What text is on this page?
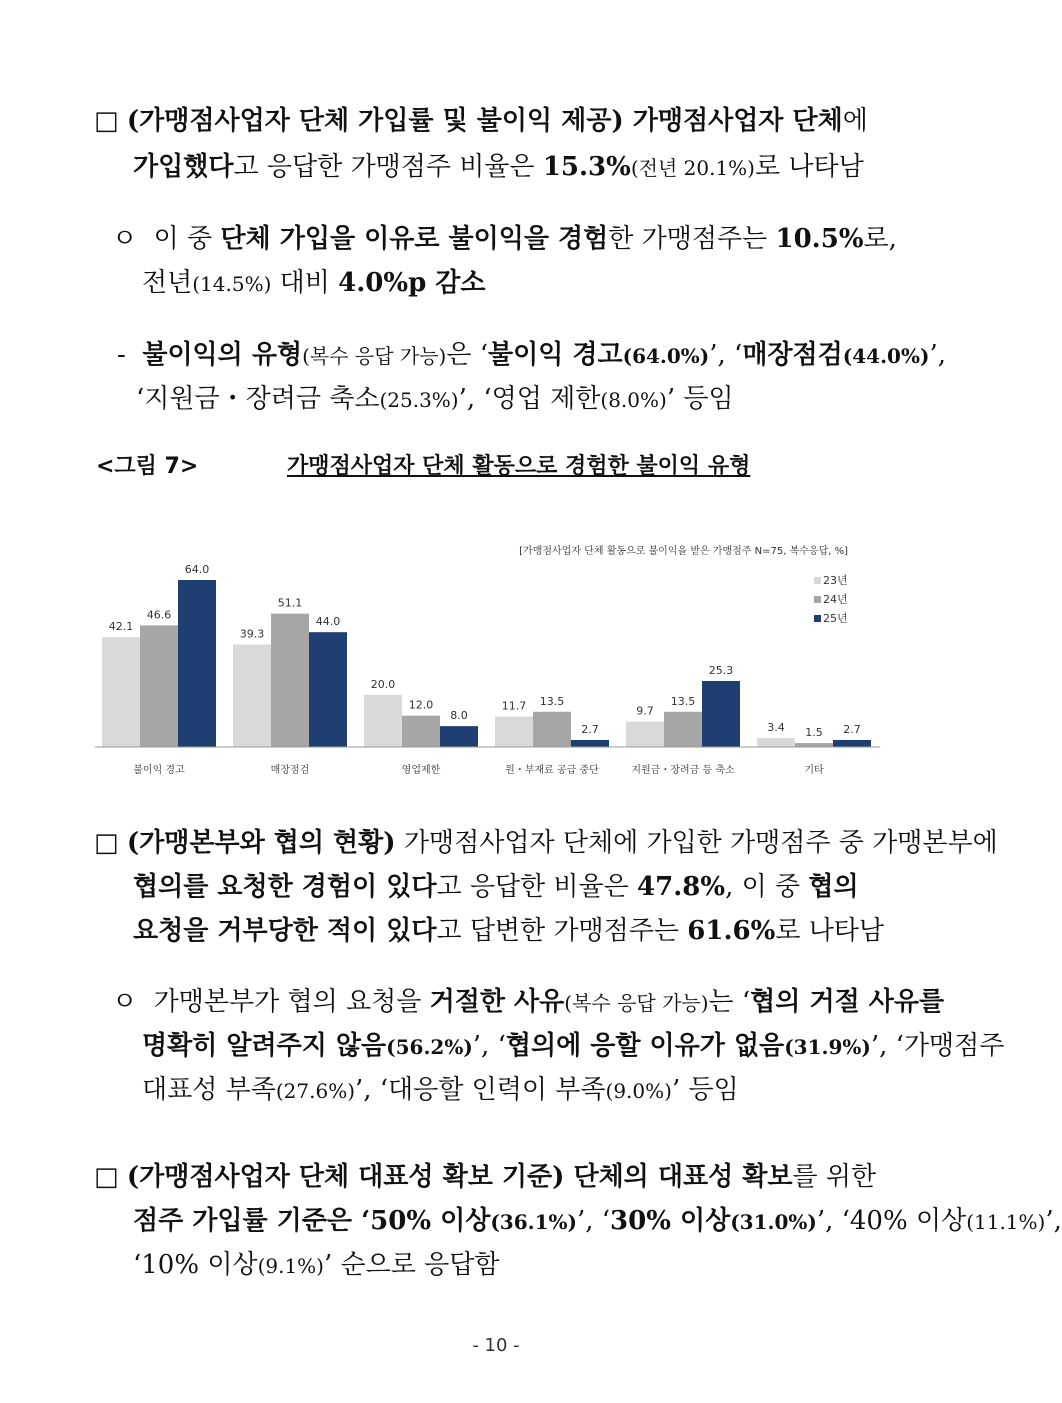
□ (가맹점사업자 단체 가입률 및 불이익 제공) 가맹점사업자 단체에
가입했다고 응답한 가맹점주 비율은 15.3%(전년 20.1%)로 나타남
ㅇ 이 중 단체 가입을 이유로 불이익을 경험한 가맹점주는 10.5%로,
전년(14.5%) 대비 4.0%p 감소
- 불이익의 유형(복수 응답 가능)은 ‘불이익 경고(64.0%)’, ‘매장점검(44.0%)’,
‘지원금・장려금 축소(25.3%)’, ‘영업 제한(8.0%)’ 등임
<그림 7>	가맹점사업자 단체 활동으로 경험한 불이익 유형
[가맹점사업자 단체 활동으로 불이익을 받은 가맹점주 N=75, 복수응답, %]
23년
24년
25년
42.1
46.6
64.0
불이익 경고
39.3
51.1
44.0
매장점검
20.0
12.0
8.0
영업제한
11.7 13.5
2.7
원・부재료 공급 중단
9.7
13.5
25.3
지원금・장려금 등 축소
3.4 1.5 2.7
기타
□ (가맹본부와 협의 현황) 가맹점사업자 단체에 가입한 가맹점주 중 가맹본부에
협의를 요청한 경험이 있다고 응답한 비율은 47.8%, 이 중 협의
요청을 거부당한 적이 있다고 답변한 가맹점주는 61.6%로 나타남
ㅇ 가맹본부가 협의 요청을 거절한 사유(복수 응답 가능)는 ‘협의 거절 사유를
명확히 알려주지 않음(56.2%)’, ‘협의에 응할 이유가 없음(31.9%)’, ‘가맹점주
대표성 부족(27.6%)’, ‘대응할 인력이 부족(9.0%)’ 등임
□ (가맹점사업자 단체 대표성 확보 기준) 단체의 대표성 확보를 위한
점주 가입률 기준은 ‘50% 이상(36.1%)’, ‘30% 이상(31.0%)’, ‘40% 이상(11.1%)’,
‘10% 이상(9.1%)’ 순으로 응답함
- 10 -
